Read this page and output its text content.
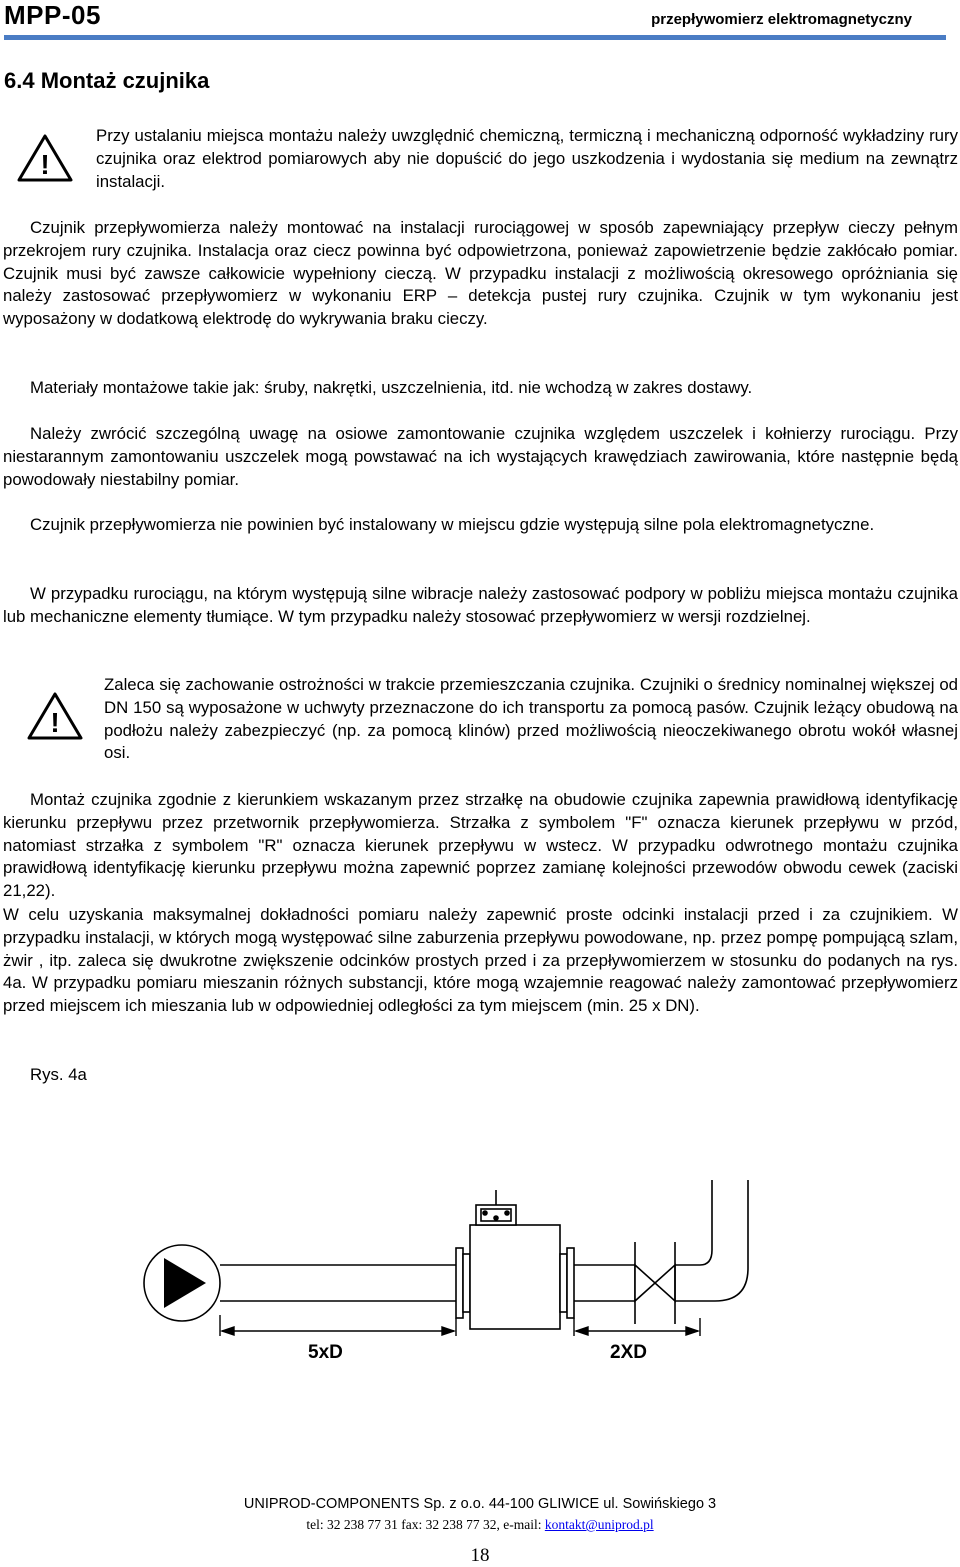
MPP-05	przepływomierz elektromagnetyczny
6.4 Montaż czujnika
!

Przy ustalaniu miejsca montażu należy uwzględnić chemiczną, termiczną i mechaniczną odporność wykładziny rury czujnika oraz elektrod pomiarowych aby nie dopuścić do jego uszkodzenia i wydostania się medium na zewnątrz instalacji.

Czujnik przepływomierza należy montować na instalacji rurociągowej w sposób zapewniający przepływ cieczy pełnym przekrojem rury czujnika. Instalacja oraz ciecz powinna być odpowietrzona, ponieważ zapowietrzenie będzie zakłócało pomiar. Czujnik musi być zawsze całkowicie wypełniony cieczą. W przypadku instalacji z możliwością okresowego opróżniania się należy zastosować przepływomierz w wykonaniu ERP – detekcja pustej rury czujnika. Czujnik w tym wykonaniu jest wyposażony w dodatkową elektrodę do wykrywania braku cieczy.

Materiały montażowe takie jak: śruby, nakrętki, uszczelnienia, itd. nie wchodzą w zakres dostawy.

Należy zwrócić szczególną uwagę na osiowe zamontowanie czujnika względem uszczelek i kołnierzy rurociągu. Przy niestarannym zamontowaniu uszczelek mogą powstawać na ich wystających krawędziach zawirowania, które następnie będą powodowały niestabilny pomiar.

Czujnik przepływomierza nie powinien być instalowany w miejscu gdzie występują silne pola elektromagnetyczne.

W przypadku rurociągu, na którym występują silne wibracje należy zastosować podpory w pobliżu miejsca montażu czujnika lub mechaniczne elementy tłumiące. W tym przypadku należy stosować przepływomierz w wersji rozdzielnej.

!

Zaleca się zachowanie ostrożności w trakcie przemieszczania czujnika. Czujniki o średnicy nominalnej większej od DN 150 są wyposażone w uchwyty przeznaczone do ich transportu za pomocą pasów. Czujnik leżący obudową na podłożu należy zabezpieczyć (np. za pomocą klinów) przed możliwością nieoczekiwanego obrotu wokół własnej osi.

Montaż czujnika zgodnie z kierunkiem wskazanym przez strzałkę na obudowie czujnika zapewnia prawidłową identyfikację kierunku przepływu przez przetwornik przepływomierza. Strzałka z symbolem "F" oznacza kierunek przepływu w przód, natomiast strzałka z symbolem "R" oznacza kierunek przepływu w wstecz. W przypadku odwrotnego montażu czujnika prawidłową identyfikację kierunku przepływu można zapewnić poprzez zamianę kolejności przewodów obwodu cewek (zaciski 21,22).

W celu uzyskania maksymalnej dokładności pomiaru należy zapewnić proste odcinki instalacji przed i za czujnikiem. W przypadku instalacji, w których mogą występować silne zaburzenia przepływu powodowane, np. przez pompę pompującą szlam, żwir , itp. zaleca się dwukrotne zwiększenie odcinków prostych przed i za przepływomierzem w stosunku do podanych na rys. 4a. W przypadku pomiaru mieszanin różnych substancji, które mogą wzajemnie reagować należy zamontować przepływomierz przed miejscem ich mieszania lub w odpowiedniej odległości za tym miejscem (min. 25 x DN).

Rys. 4a
5xD	2XD
UNIPROD-COMPONENTS Sp. z o.o. 44-100 GLIWICE ul. Sowińskiego 3
tel: 32 238 77 31 fax: 32 238 77 32, e-mail: kontakt@uniprod.pl
18
